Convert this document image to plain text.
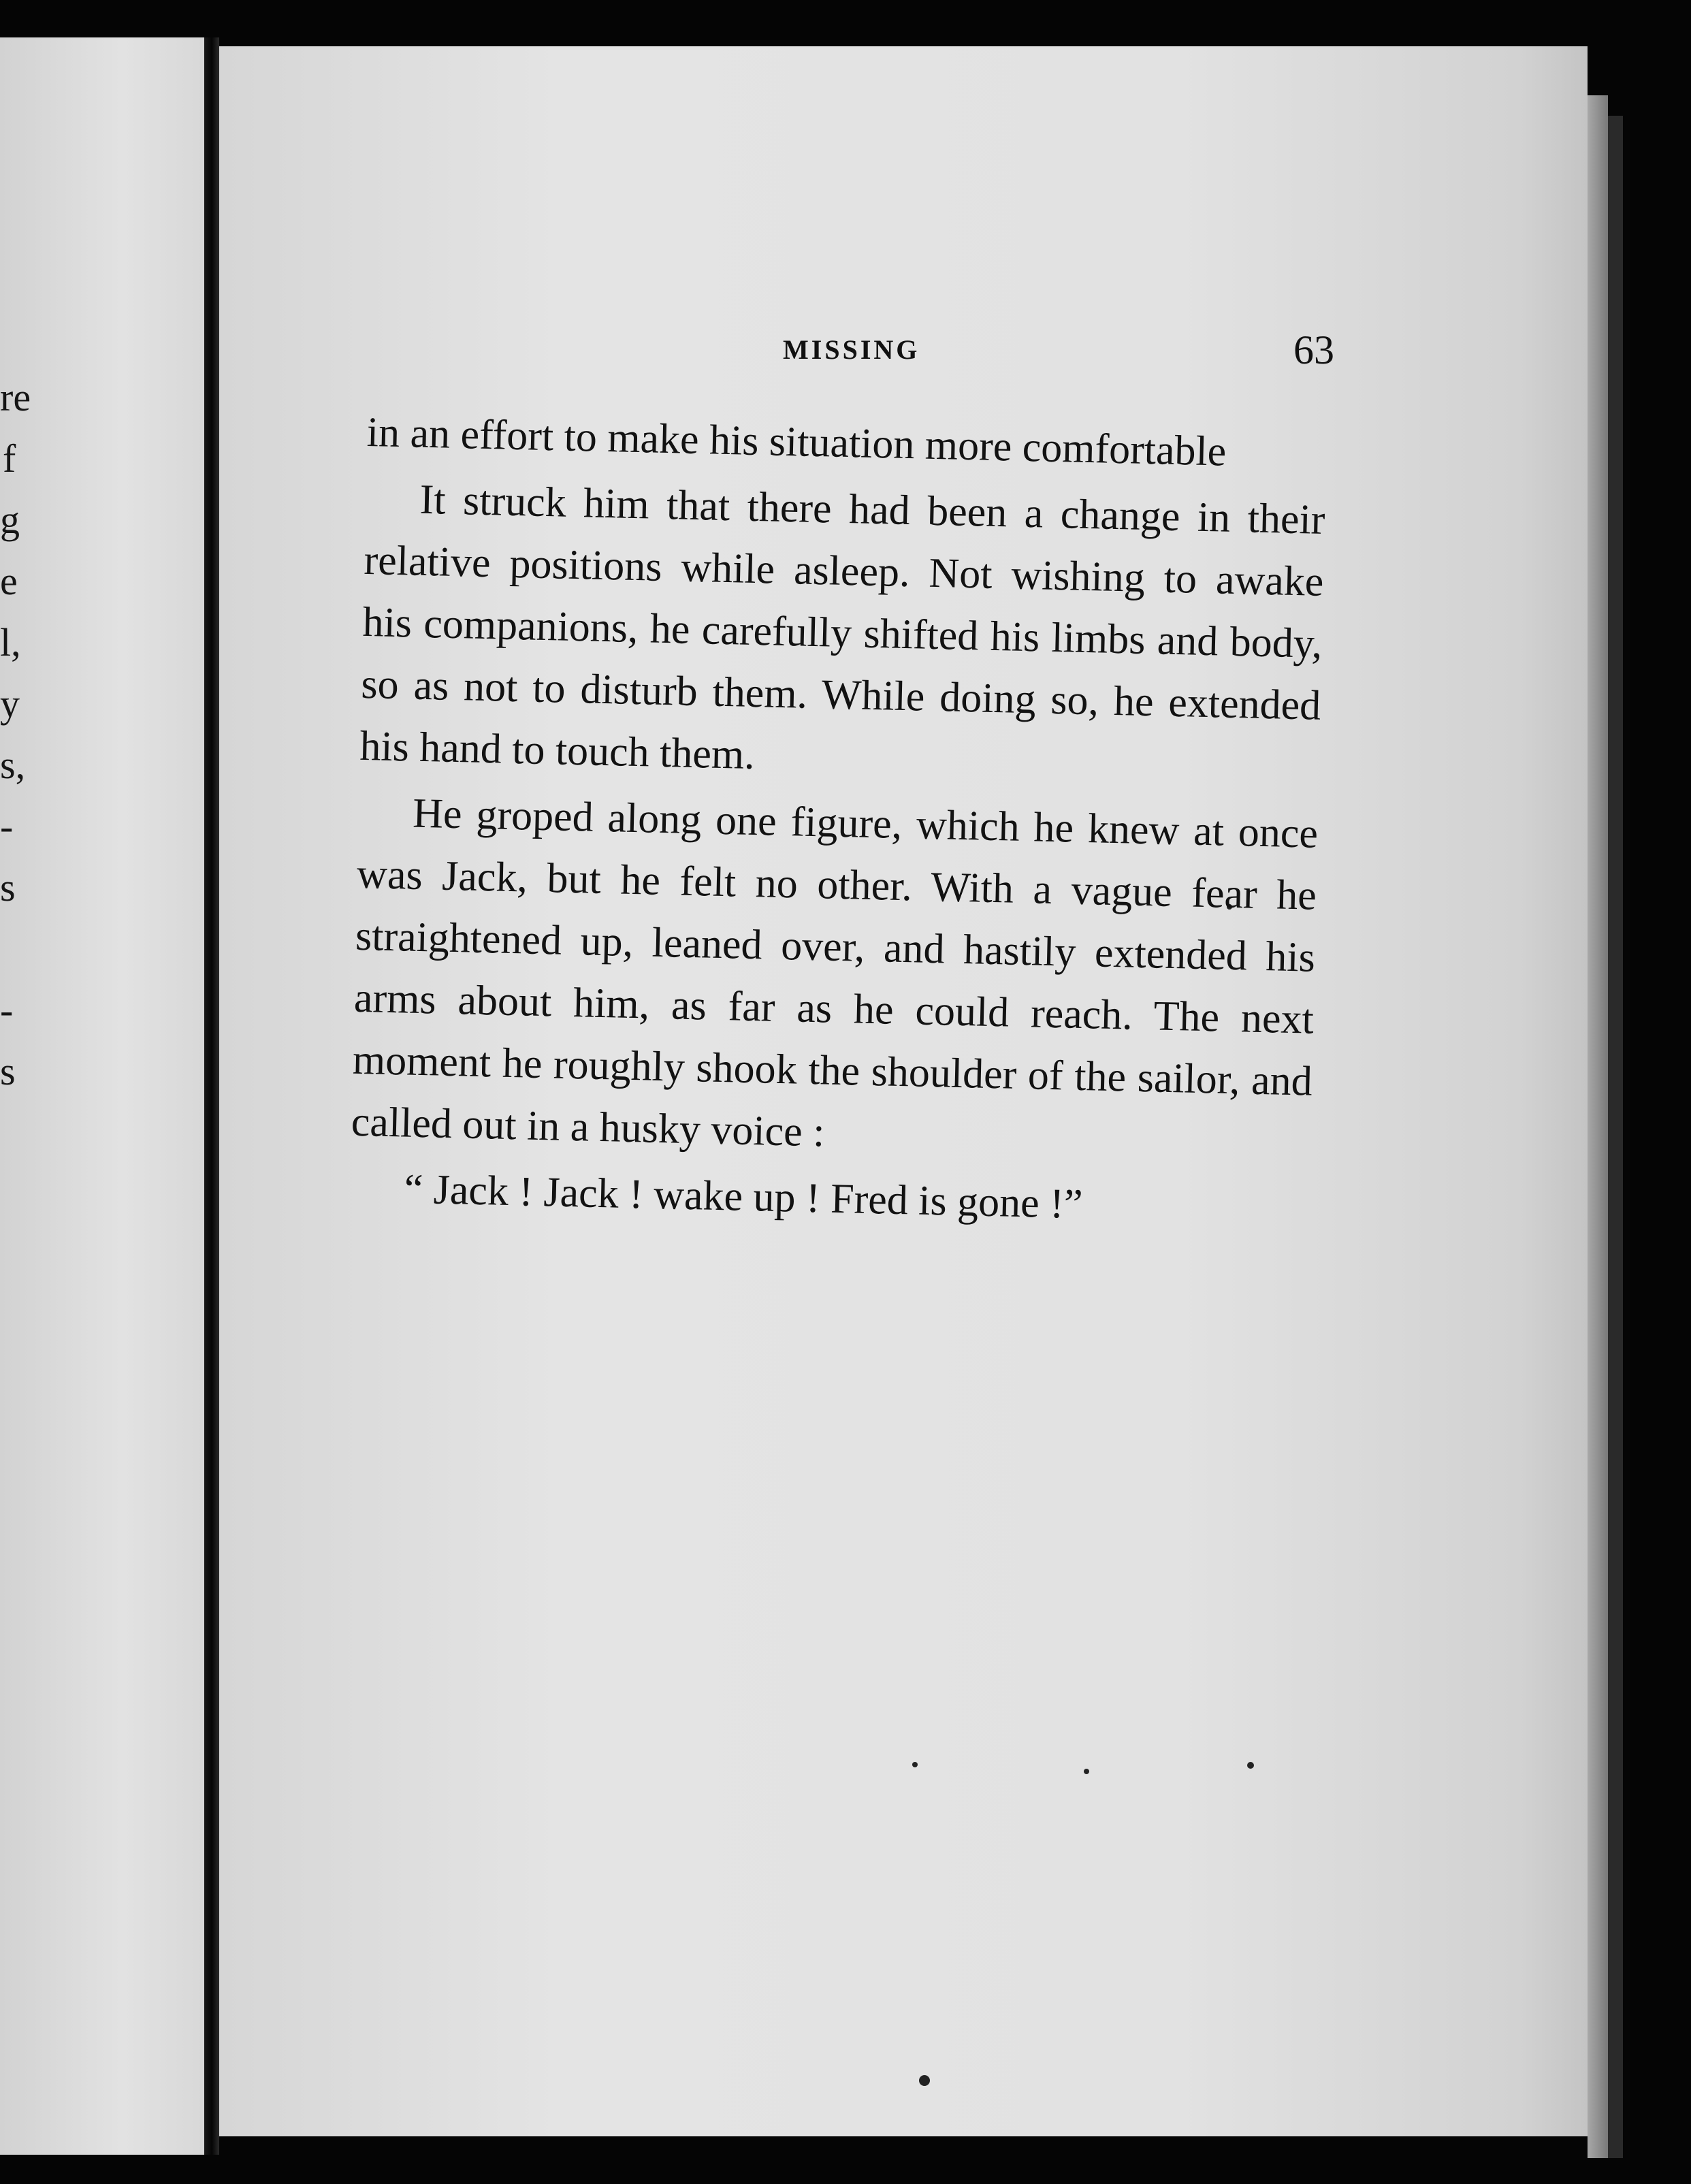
re
f
g
e
l,
y
s,
-
s
-
s
MISSING	63

in an effort to make his situation more comfortable

It struck him that there had been a change in their relative positions while asleep. Not wishing to awake his companions, he carefully shifted his limbs and body, so as not to disturb them. While doing so, he extended his hand to touch them.

He groped along one figure, which he knew at once was Jack, but he felt no other. With a vague fear he straightened up, leaned over, and hastily extended his arms about him, as far as he could reach. The next moment he roughly shook the shoulder of the sailor, and called out in a husky voice :

“ Jack ! Jack ! wake up ! Fred is gone !”
